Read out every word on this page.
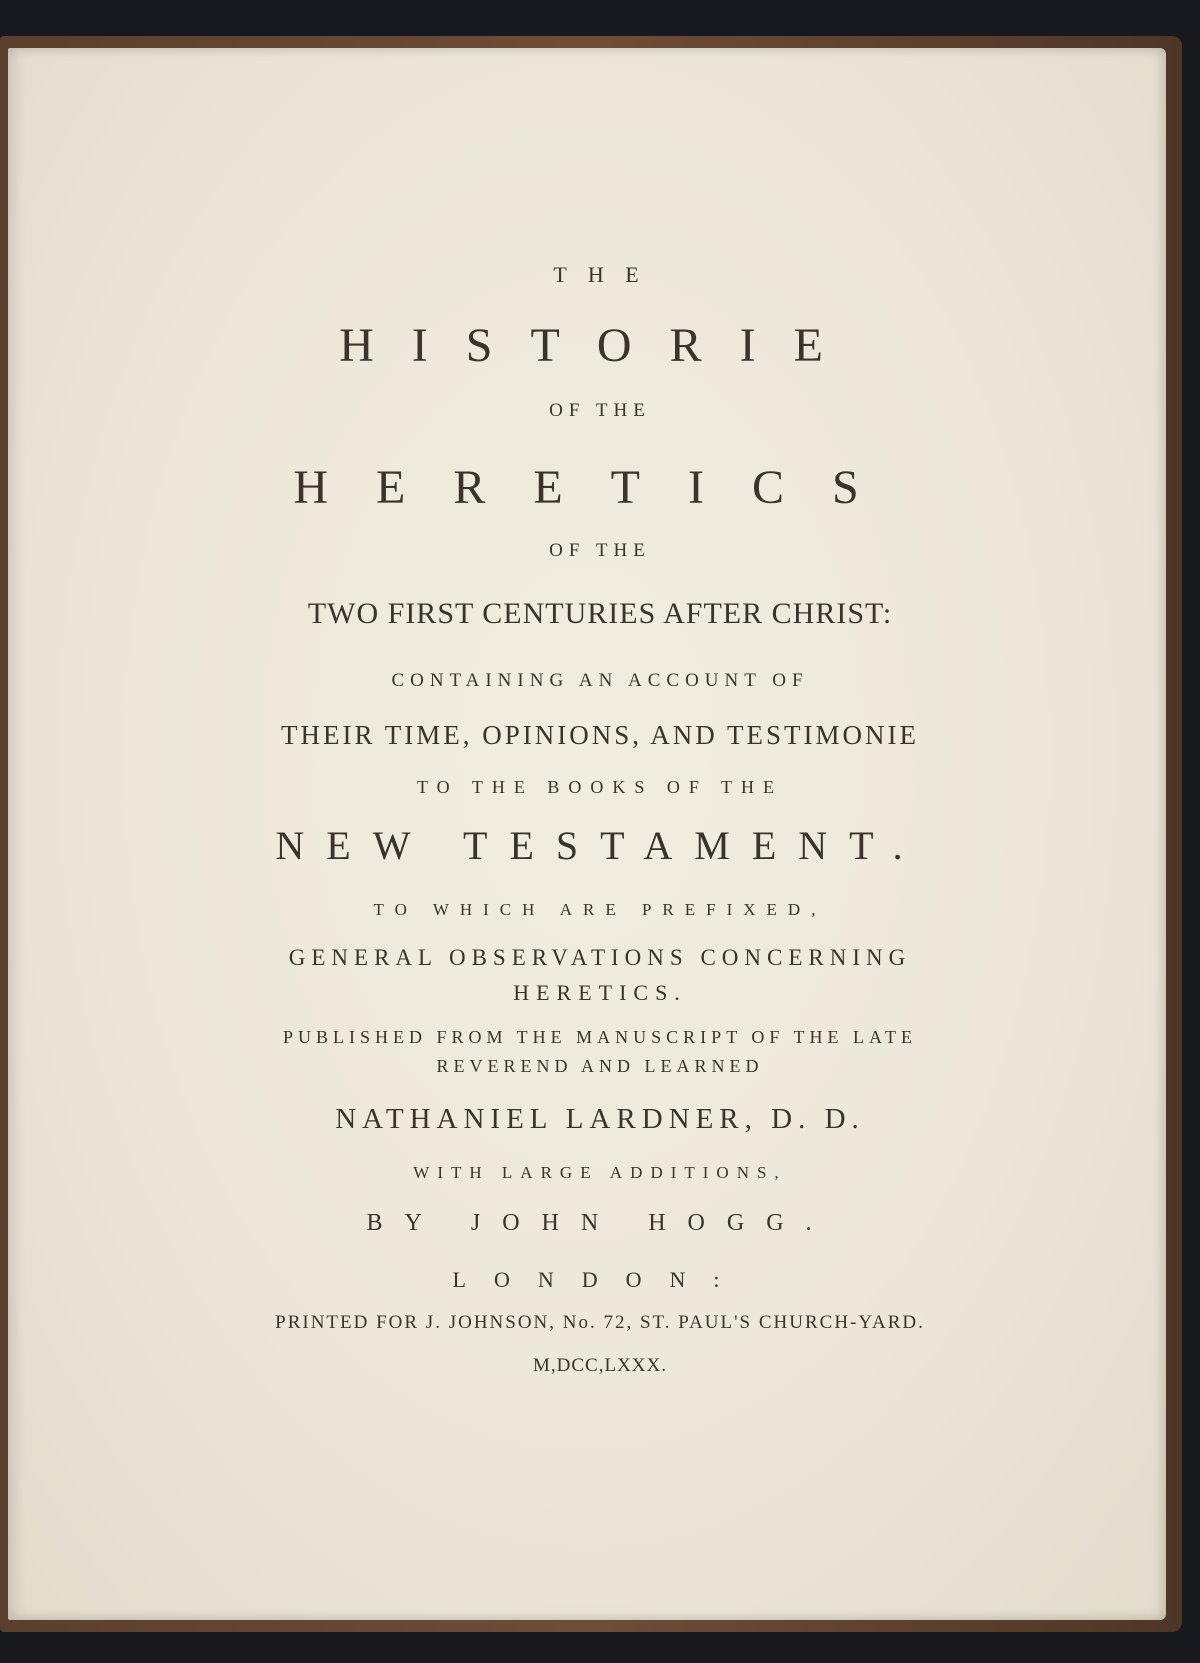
T H E
HISTORIE
OF THE
HERETICS
OF THE
TWO FIRST CENTURIES AFTER CHRIST:
CONTAINING AN ACCOUNT OF
THEIR TIME, OPINIONS, AND TESTIMONIE
TO THE BOOKS OF THE
NEW TESTAMENT.
TO WHICH ARE PREFIXED,
GENERAL OBSERVATIONS CONCERNING
HERETICS.
PUBLISHED FROM THE MANUSCRIPT OF THE LATE
REVEREND AND LEARNED
NATHANIEL LARDNER, D. D.
WITH LARGE ADDITIONS,
BY JOHN HOGG.
LONDON:
PRINTED FOR J. JOHNSON, No. 72, ST. PAUL'S CHURCH-YARD.
M,DCC,LXXX.
